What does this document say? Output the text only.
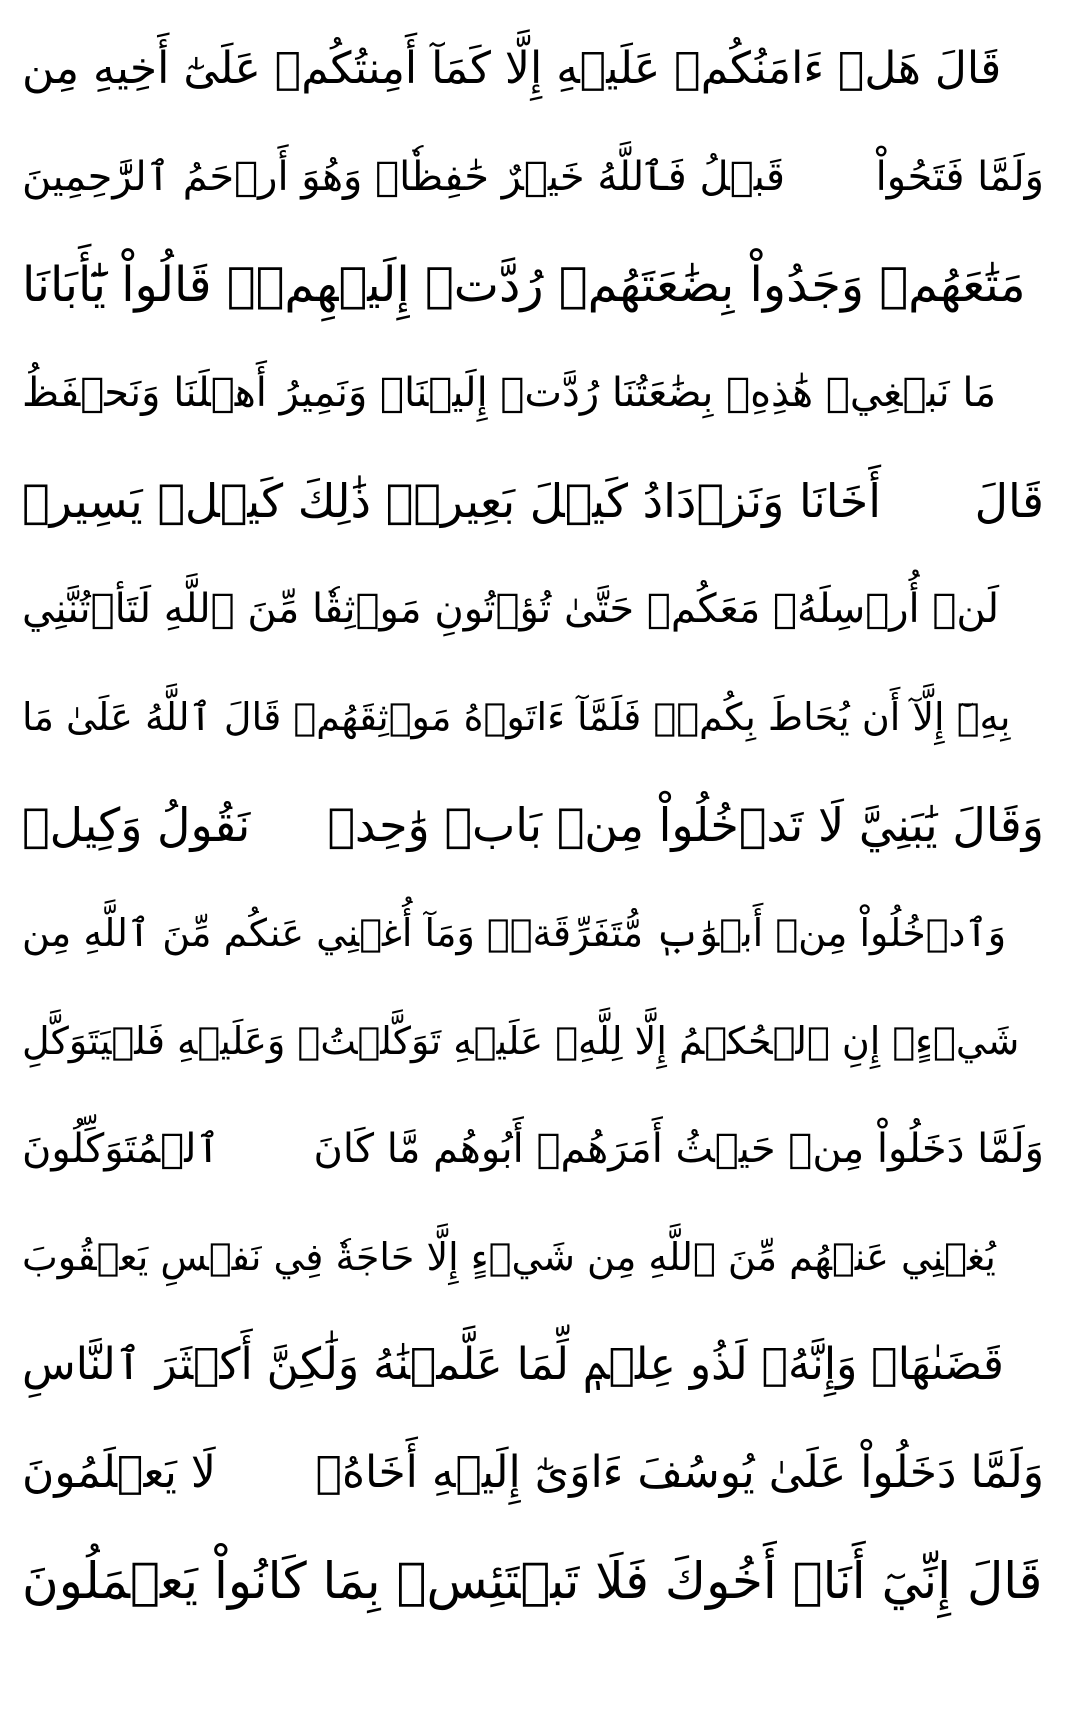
قَالَ هَلۡ ءَامَنُكُمۡ عَلَيۡهِ إِلَّا كَمَآ أَمِنتُكُمۡ عَلَىٰٓ أَخِيهِ مِن
قَبۡلُ فَٱللَّهُ خَيۡرٌ حَٰفِظٗاۖ وَهُوَ أَرۡحَمُ ٱلرَّٰحِمِينَ وَلَمَّا فَتَحُواْ
مَتَٰعَهُمۡ وَجَدُواْ بِضَٰعَتَهُمۡ رُدَّتۡ إِلَيۡهِمۡۖ قَالُواْ يَٰٓأَبَانَا
مَا نَبۡغِيۖ هَٰذِهِۦ بِضَٰعَتُنَا رُدَّتۡ إِلَيۡنَاۖ وَنَمِيرُ أَهۡلَنَا وَنَحۡفَظُ
أَخَانَا وَنَزۡدَادُ كَيۡلَ بَعِيرٖۖ ذَٰلِكَ كَيۡلٞ يَسِيرٞ قَالَ
لَنۡ أُرۡسِلَهُۥ مَعَكُمۡ حَتَّىٰ تُؤۡتُونِ مَوۡثِقٗا مِّنَ ٱللَّهِ لَتَأۡتُنَّنِي
بِهِۦٓ إِلَّآ أَن يُحَاطَ بِكُمۡۖ فَلَمَّآ ءَاتَوۡهُ مَوۡثِقَهُمۡ قَالَ ٱللَّهُ عَلَىٰ مَا
نَقُولُ وَكِيلٞ وَقَالَ يَٰبَنِيَّ لَا تَدۡخُلُواْ مِنۢ بَابٖ وَٰحِدٖ
وَٱدۡخُلُواْ مِنۡ أَبۡوَٰبٖ مُّتَفَرِّقَةٖۖ وَمَآ أُغۡنِي عَنكُم مِّنَ ٱللَّهِ مِن
شَيۡءٍۖ إِنِ ٱلۡحُكۡمُ إِلَّا لِلَّهِۖ عَلَيۡهِ تَوَكَّلۡتُۖ وَعَلَيۡهِ فَلۡيَتَوَكَّلِ
ٱلۡمُتَوَكِّلُونَ وَلَمَّا دَخَلُواْ مِنۡ حَيۡثُ أَمَرَهُمۡ أَبُوهُم مَّا كَانَ
يُغۡنِي عَنۡهُم مِّنَ ٱللَّهِ مِن شَيۡءٍ إِلَّا حَاجَةٗ فِي نَفۡسِ يَعۡقُوبَ
قَضَىٰهَاۚ وَإِنَّهُۥ لَذُو عِلۡمٖ لِّمَا عَلَّمۡنَٰهُ وَلَٰكِنَّ أَكۡثَرَ ٱلنَّاسِ
لَا يَعۡلَمُونَ وَلَمَّا دَخَلُواْ عَلَىٰ يُوسُفَ ءَاوَىٰٓ إِلَيۡهِ أَخَاهُۖ
قَالَ إِنِّيٓ أَنَا۠ أَخُوكَ فَلَا تَبۡتَئِسۡ بِمَا كَانُواْ يَعۡمَلُونَ
